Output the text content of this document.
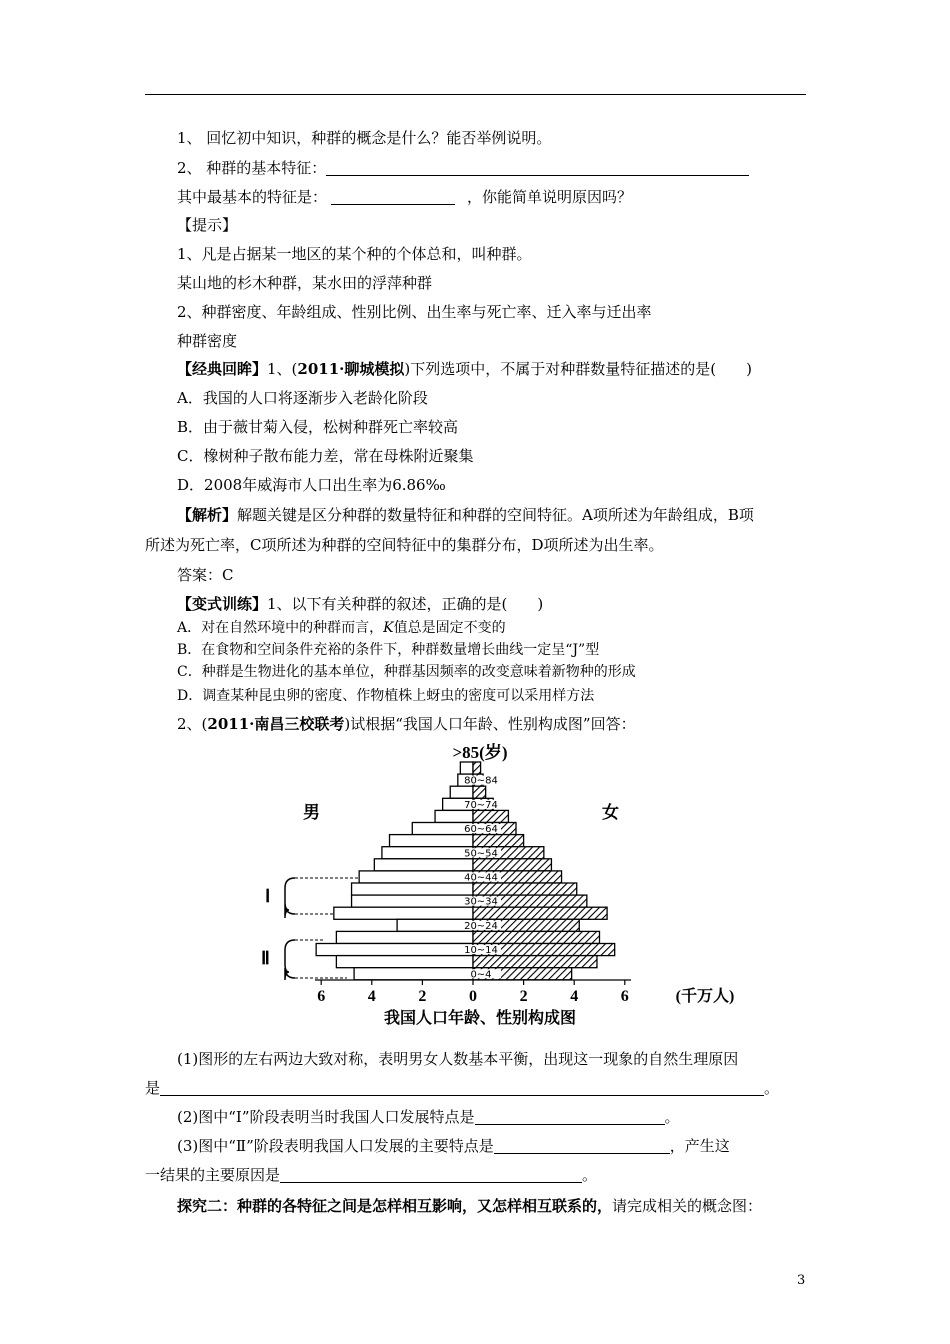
1、 回忆初中知识，种群的概念是什么？能否举例说明。
2、 种群的基本特征：
其中最基本的特征是：	，你能简单说明原因吗？
【提示】
1、凡是占据某一地区的某个种的个体总和，叫种群。
某山地的杉木种群，某水田的浮萍种群
2、种群密度、年龄组成、性别比例、出生率与死亡率、迁入率与迁出率
种群密度
【经典回眸】1、(2011·聊城模拟)下列选项中，不属于对种群数量特征描述的是(　　)
A．我国的人口将逐渐步入老龄化阶段
B．由于薇甘菊入侵，松树种群死亡率较高
C．橡树种子散布能力差，常在母株附近聚集
D．2008年威海市人口出生率为6.86‰
【解析】解题关键是区分种群的数量特征和种群的空间特征。A项所述为年龄组成，B项
所述为死亡率，C项所述为种群的空间特征中的集群分布，D项所述为出生率。
答案：C
【变式训练】1、以下有关种群的叙述，正确的是(　　)
A．对在自然环境中的种群而言，K值总是固定不变的
B．在食物和空间条件充裕的条件下，种群数量增长曲线一定呈“J”型
C．种群是生物进化的基本单位，种群基因频率的改变意味着新物种的形成
D．调查某种昆虫卵的密度、作物植株上蚜虫的密度可以采用样方法
2、(2011·南昌三校联考)试根据“我国人口年龄、性别构成图”回答：
>85(岁)
男	女
Ⅰ
Ⅱ
80~84
70~74
60~64
50~54
40~44
30~34
20~24
10~14
0~4
6	4	2	0	2	4	6	(千万人)
我国人口年龄、性别构成图
(1)图形的左右两边大致对称，表明男女人数基本平衡，出现这一现象的自然生理原因
是	。
(2)图中“Ⅰ”阶段表明当时我国人口发展特点是	。
(3)图中“Ⅱ”阶段表明我国人口发展的主要特点是	，产生这
一结果的主要原因是	。
探究二：种群的各特征之间是怎样相互影响，又怎样相互联系的，请完成相关的概念图：
3
